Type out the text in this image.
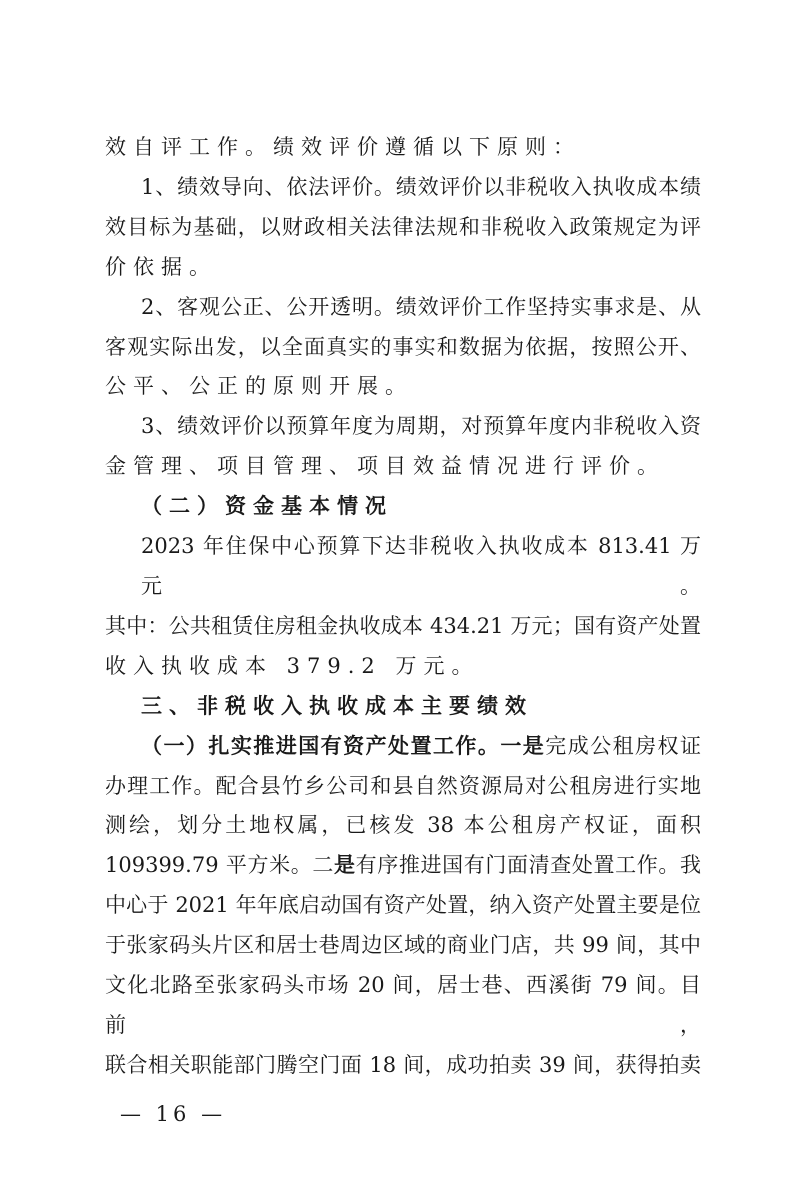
效自评工作。绩效评价遵循以下原则：
1、绩效导向、依法评价。绩效评价以非税收入执收成本绩
效目标为基础，以财政相关法律法规和非税收入政策规定为评
价依据。
2、客观公正、公开透明。绩效评价工作坚持实事求是、从
客观实际出发，以全面真实的事实和数据为依据，按照公开、
公平、公正的原则开展。
3、绩效评价以预算年度为周期，对预算年度内非税收入资
金管理、项目管理、项目效益情况进行评价。
（二）资金基本情况
2023 年住保中心预算下达非税收入执收成本 813.41 万元。
其中：公共租赁住房租金执收成本 434.21 万元；国有资产处置
收入执收成本 379.2 万元。
三、非税收入执收成本主要绩效
（一）扎实推进国有资产处置工作。一是完成公租房权证
办理工作。配合县竹乡公司和县自然资源局对公租房进行实地
测绘，划分土地权属，已核发 38 本公租房产权证，面积
109399.79 平方米。二是有序推进国有门面清查处置工作。我
中心于 2021 年年底启动国有资产处置，纳入资产处置主要是位
于张家码头片区和居士巷周边区域的商业门店，共 99 间，其中
文化北路至张家码头市场 20 间，居士巷、西溪街 79 间。目前，
联合相关职能部门腾空门面 18 间，成功拍卖 39 间，获得拍卖
— 16 —
